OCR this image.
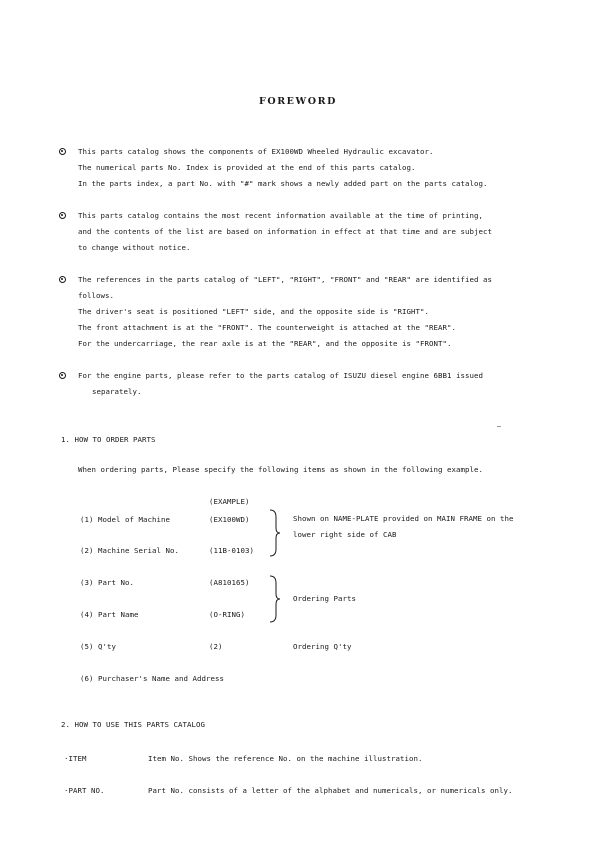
FOREWORD
This parts catalog shows the components of EX100WD Wheeled Hydraulic excavator.
The numerical parts No. Index is provided at the end of this parts catalog.
In the parts index, a part No. with "#" mark shows a newly added part on the parts catalog.
This parts catalog contains the most recent information available at the time of printing,
and the contents of the list are based on information in effect at that time and are subject
to change without notice.
The references in the parts catalog of "LEFT", "RIGHT", "FRONT" and "REAR" are identified as
follows.
The driver's seat is positioned "LEFT" side, and the opposite side is "RIGHT".
The front attachment is at the "FRONT". The counterweight is attached at the "REAR".
For the undercarriage, the rear axle is at the "REAR", and the opposite is "FRONT".
For the engine parts, please refer to the parts catalog of ISUZU diesel engine 6BB1 issued
separately.
1. HOW TO ORDER PARTS
When ordering parts, Please specify the following items as shown in the following example.
(EXAMPLE)
(1) Model of Machine	(EX100WD)
(2) Machine Serial No.	(11B-0103)
Shown on NAME-PLATE provided on MAIN FRAME on the
lower right side of CAB
(3) Part No.	(A810165)
(4) Part Name	(O-RING)
Ordering Parts
(5) Q'ty	(2)	Ordering Q'ty
(6) Purchaser's Name and Address
2. HOW TO USE THIS PARTS CATALOG
·ITEM	Item No. Shows the reference No. on the machine illustration.
·PART NO.	Part No. consists of a letter of the alphabet and numericals, or numericals only.
